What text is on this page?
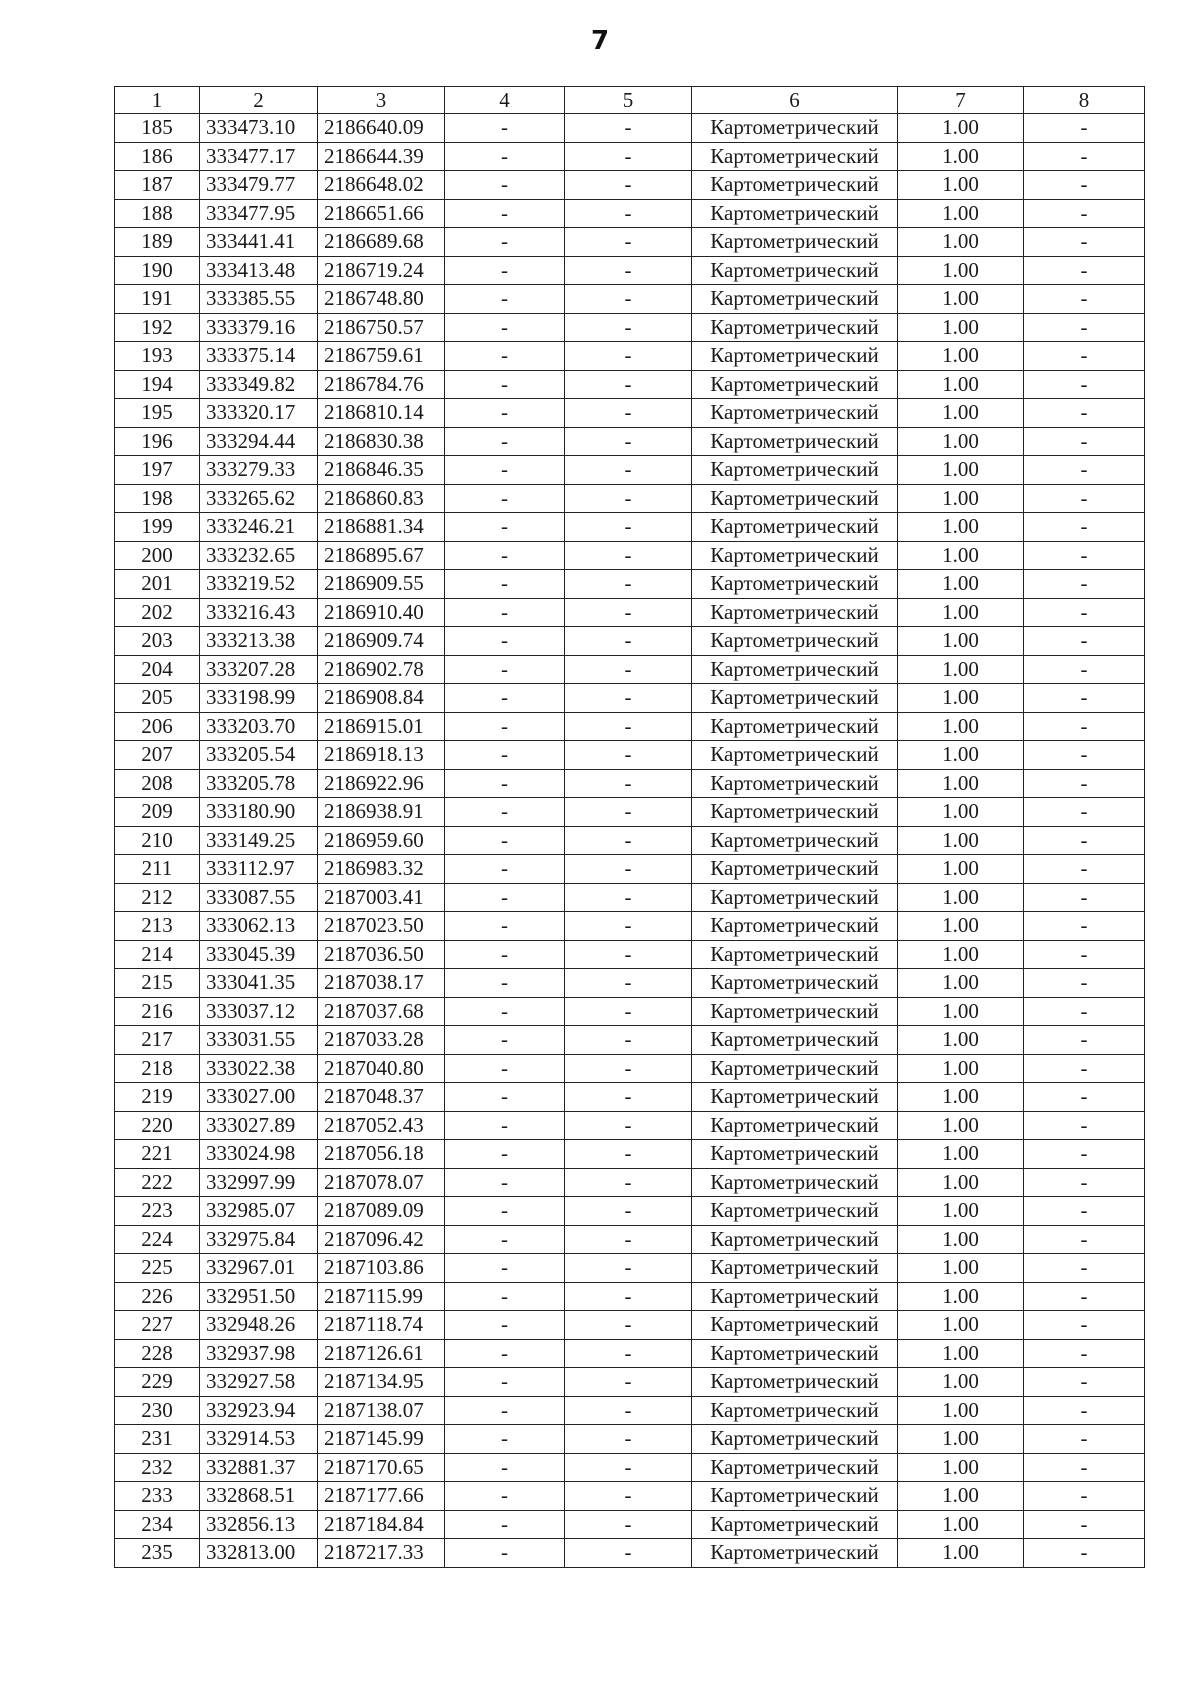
7
1	2	3	4	5	6	7	8
185	333473.10	2186640.09	-	-	Картометрический	1.00	-
186	333477.17	2186644.39	-	-	Картометрический	1.00	-
187	333479.77	2186648.02	-	-	Картометрический	1.00	-
188	333477.95	2186651.66	-	-	Картометрический	1.00	-
189	333441.41	2186689.68	-	-	Картометрический	1.00	-
190	333413.48	2186719.24	-	-	Картометрический	1.00	-
191	333385.55	2186748.80	-	-	Картометрический	1.00	-
192	333379.16	2186750.57	-	-	Картометрический	1.00	-
193	333375.14	2186759.61	-	-	Картометрический	1.00	-
194	333349.82	2186784.76	-	-	Картометрический	1.00	-
195	333320.17	2186810.14	-	-	Картометрический	1.00	-
196	333294.44	2186830.38	-	-	Картометрический	1.00	-
197	333279.33	2186846.35	-	-	Картометрический	1.00	-
198	333265.62	2186860.83	-	-	Картометрический	1.00	-
199	333246.21	2186881.34	-	-	Картометрический	1.00	-
200	333232.65	2186895.67	-	-	Картометрический	1.00	-
201	333219.52	2186909.55	-	-	Картометрический	1.00	-
202	333216.43	2186910.40	-	-	Картометрический	1.00	-
203	333213.38	2186909.74	-	-	Картометрический	1.00	-
204	333207.28	2186902.78	-	-	Картометрический	1.00	-
205	333198.99	2186908.84	-	-	Картометрический	1.00	-
206	333203.70	2186915.01	-	-	Картометрический	1.00	-
207	333205.54	2186918.13	-	-	Картометрический	1.00	-
208	333205.78	2186922.96	-	-	Картометрический	1.00	-
209	333180.90	2186938.91	-	-	Картометрический	1.00	-
210	333149.25	2186959.60	-	-	Картометрический	1.00	-
211	333112.97	2186983.32	-	-	Картометрический	1.00	-
212	333087.55	2187003.41	-	-	Картометрический	1.00	-
213	333062.13	2187023.50	-	-	Картометрический	1.00	-
214	333045.39	2187036.50	-	-	Картометрический	1.00	-
215	333041.35	2187038.17	-	-	Картометрический	1.00	-
216	333037.12	2187037.68	-	-	Картометрический	1.00	-
217	333031.55	2187033.28	-	-	Картометрический	1.00	-
218	333022.38	2187040.80	-	-	Картометрический	1.00	-
219	333027.00	2187048.37	-	-	Картометрический	1.00	-
220	333027.89	2187052.43	-	-	Картометрический	1.00	-
221	333024.98	2187056.18	-	-	Картометрический	1.00	-
222	332997.99	2187078.07	-	-	Картометрический	1.00	-
223	332985.07	2187089.09	-	-	Картометрический	1.00	-
224	332975.84	2187096.42	-	-	Картометрический	1.00	-
225	332967.01	2187103.86	-	-	Картометрический	1.00	-
226	332951.50	2187115.99	-	-	Картометрический	1.00	-
227	332948.26	2187118.74	-	-	Картометрический	1.00	-
228	332937.98	2187126.61	-	-	Картометрический	1.00	-
229	332927.58	2187134.95	-	-	Картометрический	1.00	-
230	332923.94	2187138.07	-	-	Картометрический	1.00	-
231	332914.53	2187145.99	-	-	Картометрический	1.00	-
232	332881.37	2187170.65	-	-	Картометрический	1.00	-
233	332868.51	2187177.66	-	-	Картометрический	1.00	-
234	332856.13	2187184.84	-	-	Картометрический	1.00	-
235	332813.00	2187217.33	-	-	Картометрический	1.00	-
